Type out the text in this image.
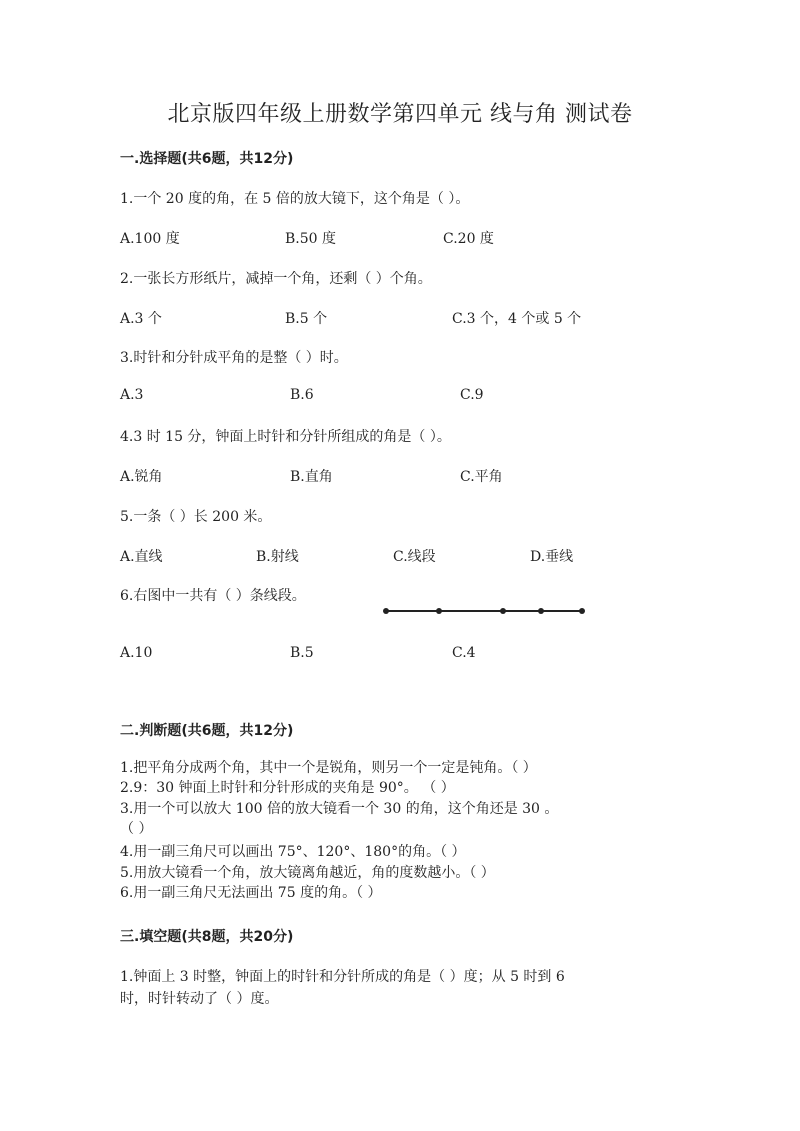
北京版四年级上册数学第四单元 线与角 测试卷
一.选择题(共6题，共12分)
1.一个 20 度的角，在 5 倍的放大镜下，这个角是（ ）。
A.100 度	B.50 度	C.20 度
2.一张长方形纸片，减掉一个角，还剩（ ）个角。
A.3 个	B.5 个	C.3 个，4 个或 5 个
3.时针和分针成平角的是整（ ）时。
A.3	B.6	C.9
4.3 时 15 分，钟面上时针和分针所组成的角是（ ）。
A.锐角	B.直角	C.平角
5.一条（ ）长 200 米。
A.直线	B.射线	C.线段	D.垂线
6.右图中一共有（ ）条线段。
A.10	B.5	C.4
二.判断题(共6题，共12分)
1.把平角分成两个角，其中一个是锐角，则另一个一定是钝角。（ ）
2.9：30 钟面上时针和分针形成的夹角是 90°。 （ ）
3.用一个可以放大 100 倍的放大镜看一个 30 的角，这个角还是 30 。
（ ）
4.用一副三角尺可以画出 75°、120°、180°的角。（ ）
5.用放大镜看一个角，放大镜离角越近，角的度数越小。（ ）
6.用一副三角尺无法画出 75 度的角。（ ）
三.填空题(共8题，共20分)
1.钟面上 3 时整，钟面上的时针和分针所成的角是（ ）度；从 5 时到 6
时，时针转动了（ ）度。
